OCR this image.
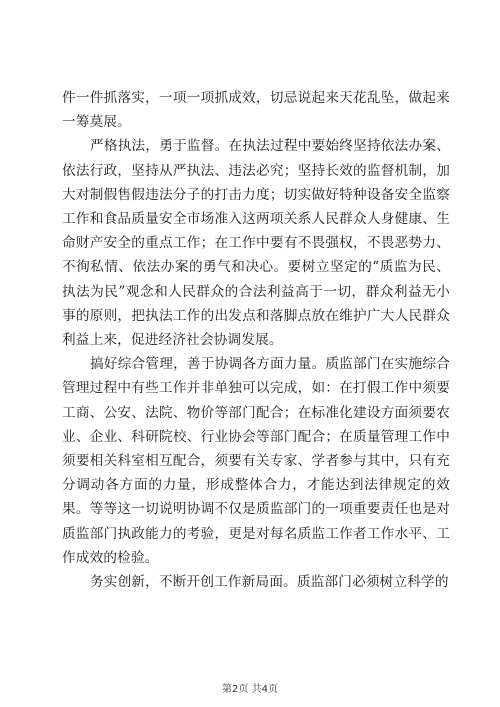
件一件抓落实，一项一项抓成效，切忌说起来天花乱坠，做起来一筹莫展。

严格执法，勇于监督。在执法过程中要始终坚持依法办案、依法行政，坚持从严执法、违法必究；坚持长效的监督机制，加大对制假售假违法分子的打击力度；切实做好特种设备安全监察工作和食品质量安全市场准入这两项关系人民群众人身健康、生命财产安全的重点工作；在工作中要有不畏强权，不畏恶势力、不徇私情、依法办案的勇气和决心。要树立坚定的“质监为民、执法为民”观念和人民群众的合法利益高于一切，群众利益无小事的原则，把执法工作的出发点和落脚点放在维护广大人民群众利益上来，促进经济社会协调发展。

搞好综合管理，善于协调各方面力量。质监部门在实施综合管理过程中有些工作并非单独可以完成，如：在打假工作中须要工商、公安、法院、物价等部门配合；在标准化建设方面须要农业、企业、科研院校、行业协会等部门配合；在质量管理工作中须要相关科室相互配合，须要有关专家、学者参与其中，只有充分调动各方面的力量，形成整体合力，才能达到法律规定的效果。等等这一切说明协调不仅是质监部门的一项重要责任也是对质监部门执政能力的考验，更是对每名质监工作者工作水平、工作成效的检验。

务实创新，不断开创工作新局面。质监部门必须树立科学的

第2页 共4页
